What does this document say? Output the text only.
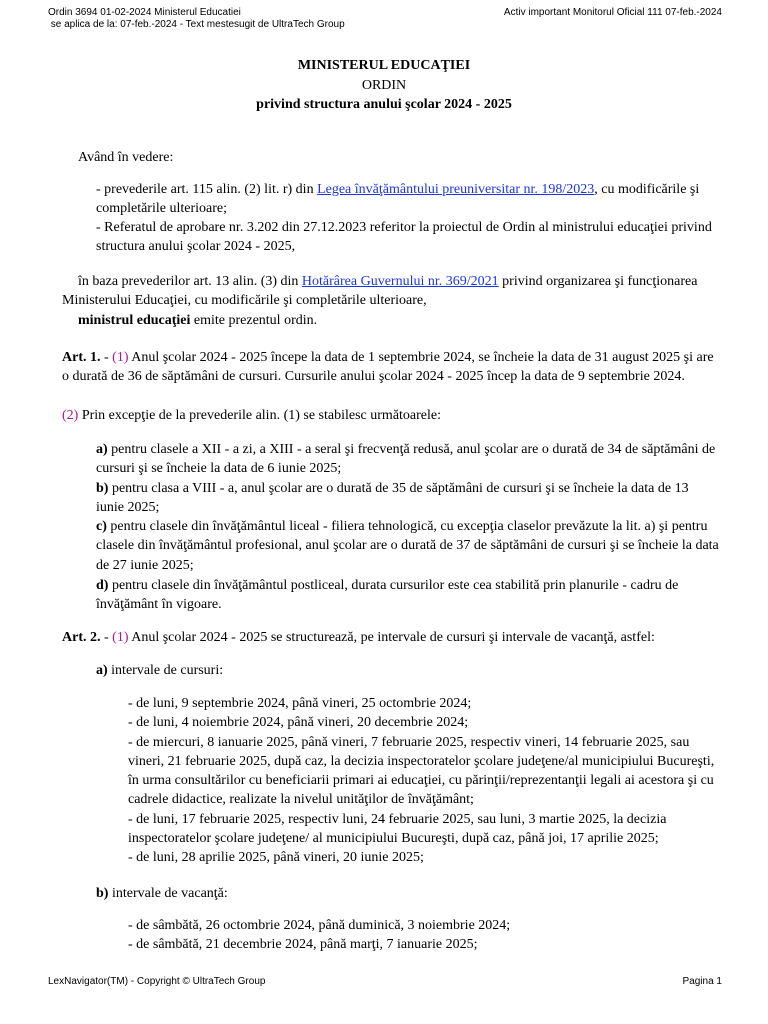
Ordin 3694 01-02-2024 Ministerul Educatiei
se aplica de la: 07-feb.-2024 - Text mestesugit de UltraTech Group
Activ important Monitorul Oficial 111 07-feb.-2024
MINISTERUL EDUCAŢIEI
ORDIN
privind structura anului şcolar 2024 - 2025

Având în vedere:

- prevederile art. 115 alin. (2) lit. r) din Legea învăţământului preuniversitar nr. 198/2023, cu modificările şi completările ulterioare;

- Referatul de aprobare nr. 3.202 din 27.12.2023 referitor la proiectul de Ordin al ministrului educaţiei privind structura anului şcolar 2024 - 2025,

în baza prevederilor art. 13 alin. (3) din Hotărârea Guvernului nr. 369/2021 privind organizarea şi funcţionarea Ministerului Educaţiei, cu modificările şi completările ulterioare,

ministrul educaţiei emite prezentul ordin.

Art. 1. - (1) Anul şcolar 2024 - 2025 începe la data de 1 septembrie 2024, se încheie la data de 31 august 2025 şi are o durată de 36 de săptămâni de cursuri. Cursurile anului şcolar 2024 - 2025 încep la data de 9 septembrie 2024.

(2) Prin excepţie de la prevederile alin. (1) se stabilesc următoarele:

a) pentru clasele a XII - a zi, a XIII - a seral şi frecvenţă redusă, anul şcolar are o durată de 34 de săptămâni de cursuri şi se încheie la data de 6 iunie 2025;

b) pentru clasa a VIII - a, anul şcolar are o durată de 35 de săptămâni de cursuri şi se încheie la data de 13 iunie 2025;

c) pentru clasele din învăţământul liceal - filiera tehnologică, cu excepţia claselor prevăzute la lit. a) şi pentru clasele din învăţământul profesional, anul şcolar are o durată de 37 de săptămâni de cursuri şi se încheie la data de 27 iunie 2025;

d) pentru clasele din învăţământul postliceal, durata cursurilor este cea stabilită prin planurile - cadru de învăţământ în vigoare.

Art. 2. - (1) Anul şcolar 2024 - 2025 se structurează, pe intervale de cursuri şi intervale de vacanţă, astfel:

a) intervale de cursuri:

- de luni, 9 septembrie 2024, până vineri, 25 octombrie 2024;
- de luni, 4 noiembrie 2024, până vineri, 20 decembrie 2024;
- de miercuri, 8 ianuarie 2025, până vineri, 7 februarie 2025, respectiv vineri, 14 februarie 2025, sau vineri, 21 februarie 2025, după caz, la decizia inspectoratelor şcolare judeţene/al municipiului Bucureşti, în urma consultărilor cu beneficiarii primari ai educaţiei, cu părinţii/reprezentanţii legali ai acestora şi cu cadrele didactice, realizate la nivelul unităţilor de învăţământ;
- de luni, 17 februarie 2025, respectiv luni, 24 februarie 2025, sau luni, 3 martie 2025, la decizia inspectoratelor şcolare judeţene/ al municipiului Bucureşti, după caz, până joi, 17 aprilie 2025;
- de luni, 28 aprilie 2025, până vineri, 20 iunie 2025;

b) intervale de vacanţă:

- de sâmbătă, 26 octombrie 2024, până duminică, 3 noiembrie 2024;
- de sâmbătă, 21 decembrie 2024, până marţi, 7 ianuarie 2025;
LexNavigator(TM) - Copyright © UltraTech Group	Pagina 1
